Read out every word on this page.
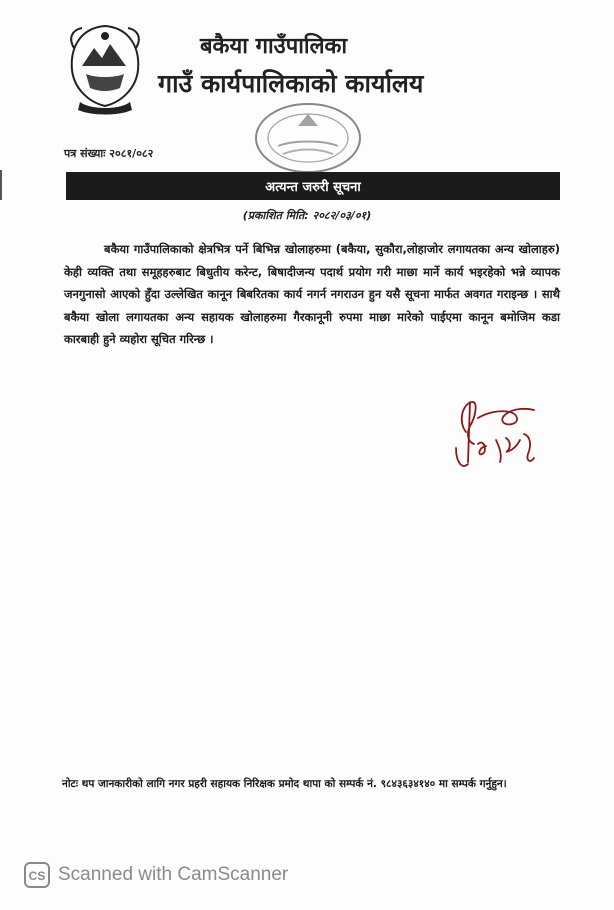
बकैया गाउँपालिका
गाउँ कार्यपालिकाको कार्यालय
पत्र संख्याः २०८१/०८२
अत्यन्त जरुरी सूचना
(प्रकाशित मिति: २०८२/०३/०१)
बकैया गाउँपालिकाको क्षेत्रभित्र पर्ने बिभिन्न खोलाहरुमा (बकैया, सुकौरा,लोहाजोर लगायतका अन्य खोलाहरु) केही व्यक्ति तथा समूहहरुबाट बिधुतीय करेन्ट, बिषादीजन्य पदार्थ प्रयोग गरी माछा मार्ने कार्य भइरहेको भन्ने व्यापक जनगुनासो आएको हुँदा उल्लेखित कानून बिबरितका कार्य नगर्न नगराउन हुन यसै सूचना मार्फत अवगत गराइन्छ । साथै बकैया खोला लगायतका अन्य सहायक खोलाहरुमा गैरकानूनी रुपमा माछा मारेको पाईएमा कानून बमोजिम कडा कारबाही हुने व्यहोरा सूचित गरिन्छ ।
नोटः थप जानकारीको लागि नगर प्रहरी सहायक निरिक्षक प्रमोद थापा को सम्पर्क नं. ९८४३६३४१४० मा सम्पर्क गर्नुहुन।
CS Scanned with CamScanner
